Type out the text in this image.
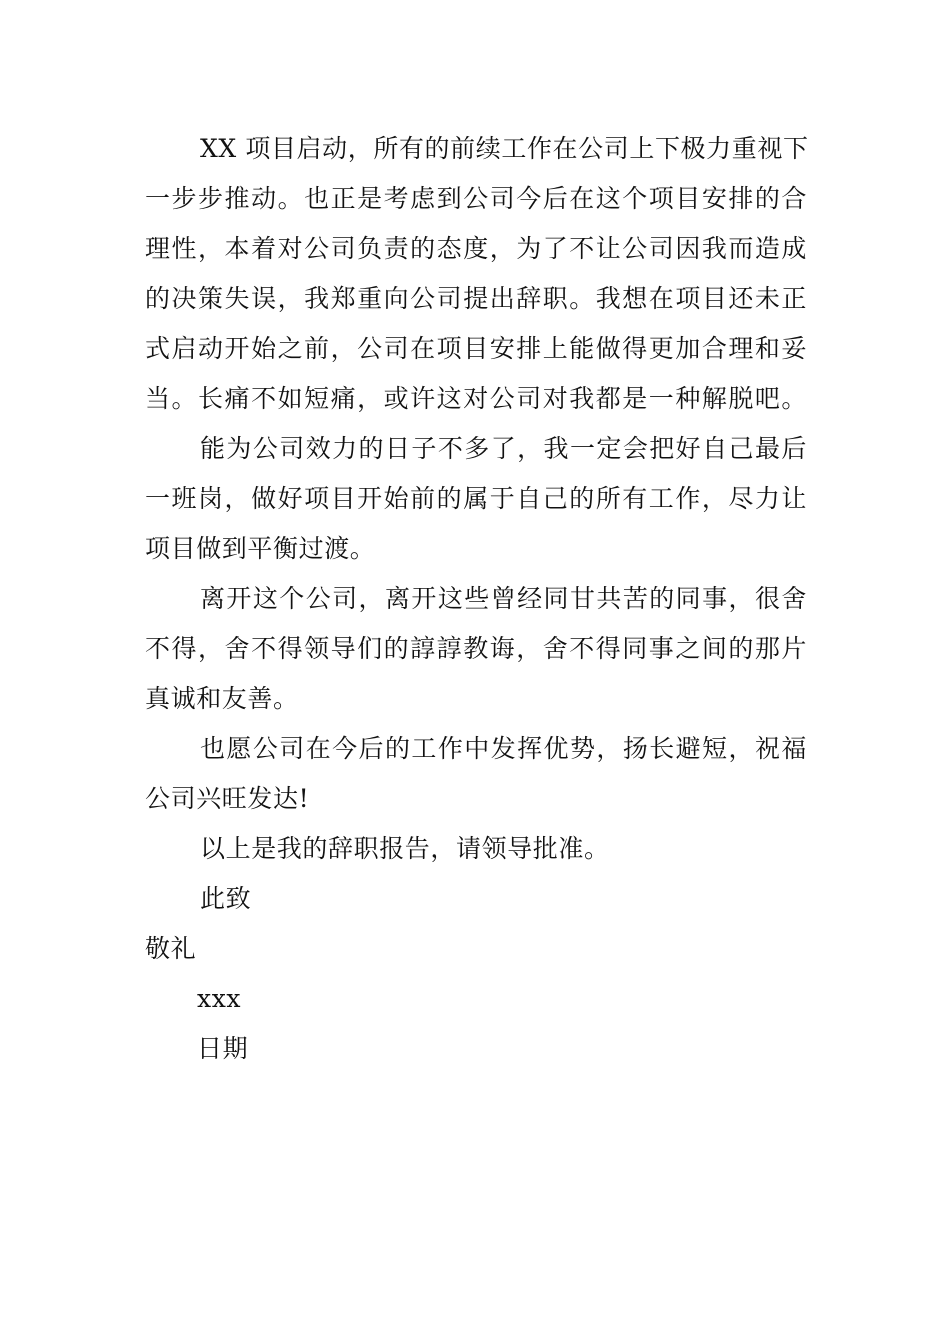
XX 项目启动，所有的前续工作在公司上下极力重视下
一步步推动。也正是考虑到公司今后在这个项目安排的合
理性，本着对公司负责的态度，为了不让公司因我而造成
的决策失误，我郑重向公司提出辞职。我想在项目还未正
式启动开始之前，公司在项目安排上能做得更加合理和妥
当。长痛不如短痛，或许这对公司对我都是一种解脱吧。
能为公司效力的日子不多了，我一定会把好自己最后
一班岗，做好项目开始前的属于自己的所有工作，尽力让
项目做到平衡过渡。
离开这个公司，离开这些曾经同甘共苦的同事，很舍
不得，舍不得领导们的諄諄教诲，舍不得同事之间的那片
真诚和友善。
也愿公司在今后的工作中发挥优势，扬长避短，祝福
公司兴旺发达!
以上是我的辞职报告，请领导批准。
此致
敬礼
xxx
日期
